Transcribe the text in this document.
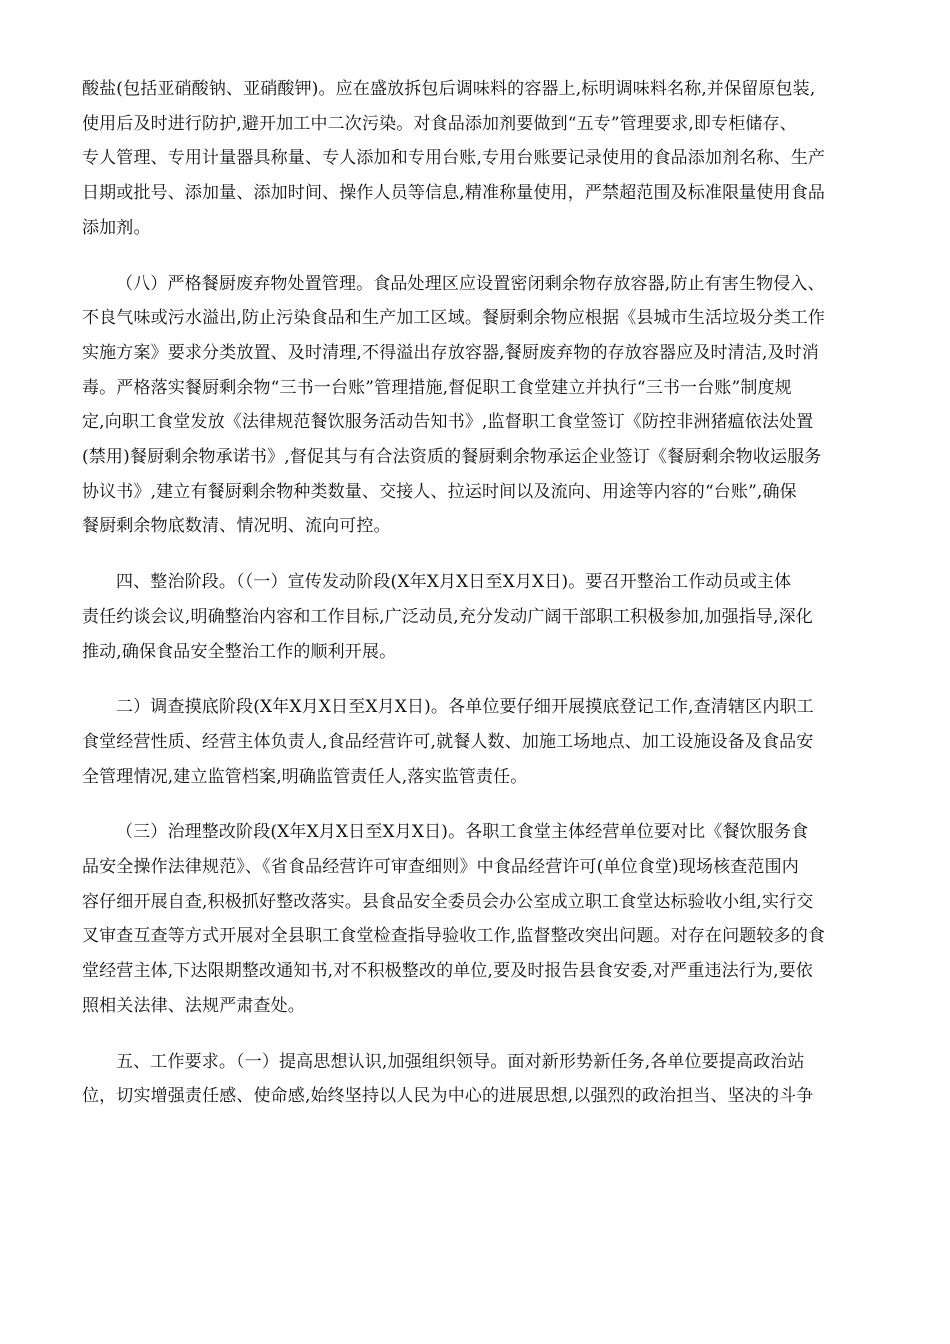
酸盐(包括亚硝酸钠、亚硝酸钾)。应在盛放拆包后调味料的容器上,标明调味料名称,并保留原包装,
使用后及时进行防护,避开加工中二次污染。对食品添加剂要做到“五专”管理要求,即专柜储存、
专人管理、专用计量器具称量、专人添加和专用台账,专用台账要记录使用的食品添加剂名称、生产
日期或批号、添加量、添加时间、操作人员等信息,精准称量使用，严禁超范围及标准限量使用食品
添加剂。
（八）严格餐厨废弃物处置管理。食品处理区应设置密闭剩余物存放容器,防止有害生物侵入、
不良气味或污水溢出,防止污染食品和生产加工区域。餐厨剩余物应根据《县城市生活垃圾分类工作
实施方案》要求分类放置、及时清理,不得溢出存放容器,餐厨废弃物的存放容器应及时清洁,及时消
毒。严格落实餐厨剩余物“三书一台账”管理措施,督促职工食堂建立并执行“三书一台账”制度规
定,向职工食堂发放《法律规范餐饮服务活动告知书》,监督职工食堂签订《防控非洲猪瘟依法处置
(禁用)餐厨剩余物承诺书》,督促其与有合法资质的餐厨剩余物承运企业签订《餐厨剩余物收运服务
协议书》,建立有餐厨剩余物种类数量、交接人、拉运时间以及流向、用途等内容的“台账”,确保
餐厨剩余物底数清、情况明、流向可控。
四、整治阶段。（（一）宣传发动阶段(X年X月X日至X月X日)。要召开整治工作动员或主体
责任约谈会议,明确整治内容和工作目标,广泛动员,充分发动广阔干部职工积极参加,加强指导,深化
推动,确保食品安全整治工作的顺利开展。
二）调查摸底阶段(X年X月X日至X月X日)。各单位要仔细开展摸底登记工作,查清辖区内职工
食堂经营性质、经营主体负责人,食品经营许可,就餐人数、加施工场地点、加工设施设备及食品安
全管理情况,建立监管档案,明确监管责任人,落实监管责任。
（三）治理整改阶段(X年X月X日至X月X日)。各职工食堂主体经营单位要对比《餐饮服务食
品安全操作法律规范》、《省食品经营许可审查细则》中食品经营许可(单位食堂)现场核查范围内
容仔细开展自查,积极抓好整改落实。县食品安全委员会办公室成立职工食堂达标验收小组,实行交
叉审查互查等方式开展对全县职工食堂检查指导验收工作,监督整改突出问题。对存在问题较多的食
堂经营主体,下达限期整改通知书,对不积极整改的单位,要及时报告县食安委,对严重违法行为,要依
照相关法律、法规严肃查处。
五、工作要求。（一）提高思想认识,加强组织领导。面对新形势新任务,各单位要提高政治站
位，切实增强责任感、使命感,始终坚持以人民为中心的进展思想,以强烈的政治担当、坚决的斗争
